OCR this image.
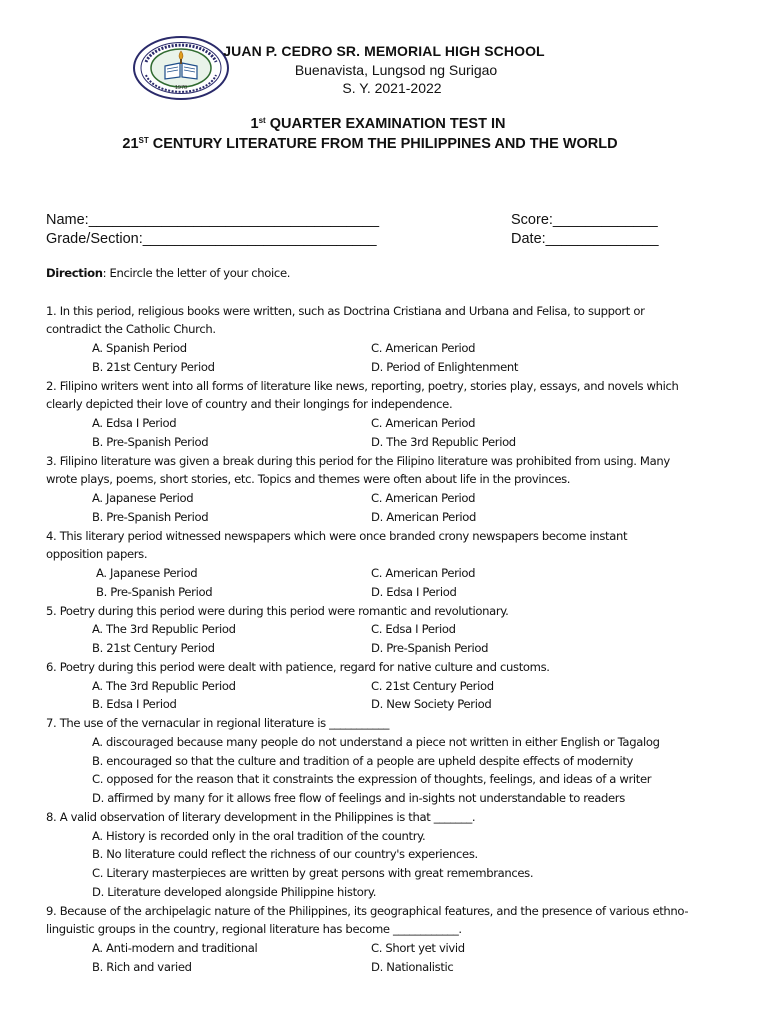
1970
JUAN P. CEDRO SR. MEMORIAL HIGH SCHOOL
Buenavista, Lungsod ng Surigao
S. Y. 2021-2022
1st QUARTER EXAMINATION TEST IN
21ST CENTURY LITERATURE FROM THE PHILIPPINES AND THE WORLD
Name:____________________________________	Score:_____________
Grade/Section:_____________________________	Date:______________
Direction: Encircle the letter of your choice.
1. In this period, religious books were written, such as Doctrina Cristiana and Urbana and Felisa, to support or
contradict the Catholic Church.
A. Spanish Period	C. American Period
B. 21st Century Period	D. Period of Enlightenment
2. Filipino writers went into all forms of literature like news, reporting, poetry, stories play, essays, and novels which
clearly depicted their love of country and their longings for independence.
A. Edsa I Period	C. American Period
B. Pre-Spanish Period	D. The 3rd Republic Period
3. Filipino literature was given a break during this period for the Filipino literature was prohibited from using. Many
wrote plays, poems, short stories, etc. Topics and themes were often about life in the provinces.
A. Japanese Period	C. American Period
B. Pre-Spanish Period	D. American Period
4. This literary period witnessed newspapers which were once branded crony newspapers become instant
opposition papers.
A. Japanese Period	C. American Period
B. Pre-Spanish Period	D. Edsa I Period
5. Poetry during this period were during this period were romantic and revolutionary.
A. The 3rd Republic Period	C. Edsa I Period
B. 21st Century Period	D. Pre-Spanish Period
6. Poetry during this period were dealt with patience, regard for native culture and customs.
A. The 3rd Republic Period	C. 21st Century Period
B. Edsa I Period	D. New Society Period
7. The use of the vernacular in regional literature is ___________
A. discouraged because many people do not understand a piece not written in either English or Tagalog
B. encouraged so that the culture and tradition of a people are upheld despite effects of modernity
C. opposed for the reason that it constraints the expression of thoughts, feelings, and ideas of a writer
D. affirmed by many for it allows free flow of feelings and in-sights not understandable to readers
8. A valid observation of literary development in the Philippines is that _______.
A. History is recorded only in the oral tradition of the country.
B. No literature could reflect the richness of our country's experiences.
C. Literary masterpieces are written by great persons with great remembrances.
D. Literature developed alongside Philippine history.
9. Because of the archipelagic nature of the Philippines, its geographical features, and the presence of various ethno-
linguistic groups in the country, regional literature has become ____________.
A. Anti-modern and traditional	C. Short yet vivid
B. Rich and varied	D. Nationalistic
